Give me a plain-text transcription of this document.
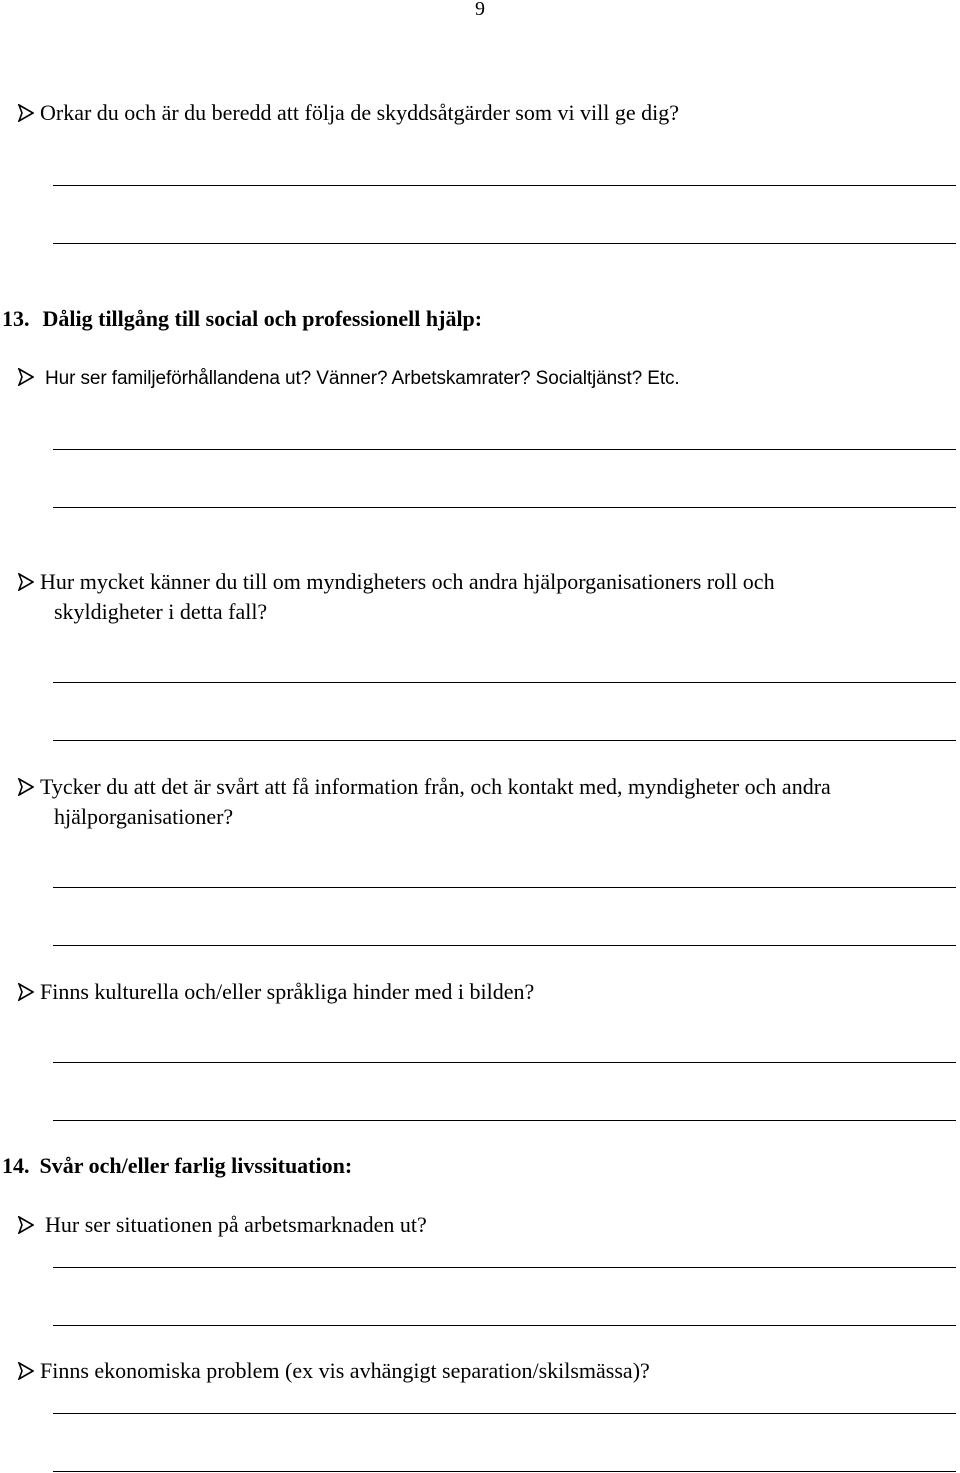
9
Orkar du och är du beredd att följa de skyddsåtgärder som vi vill ge dig?
13. Dålig tillgång till social och professionell hjälp:
Hur ser familjeförhållandena ut? Vänner? Arbetskamrater? Socialtjänst? Etc.
Hur mycket känner du till om myndigheters och andra hjälporganisationers roll och
skyldigheter i detta fall?
Tycker du att det är svårt att få information från, och kontakt med, myndigheter och andra
hjälporganisationer?
Finns kulturella och/eller språkliga hinder med i bilden?
14. Svår och/eller farlig livssituation:
Hur ser situationen på arbetsmarknaden ut?
Finns ekonomiska problem (ex vis avhängigt separation/skilsmässa)?
